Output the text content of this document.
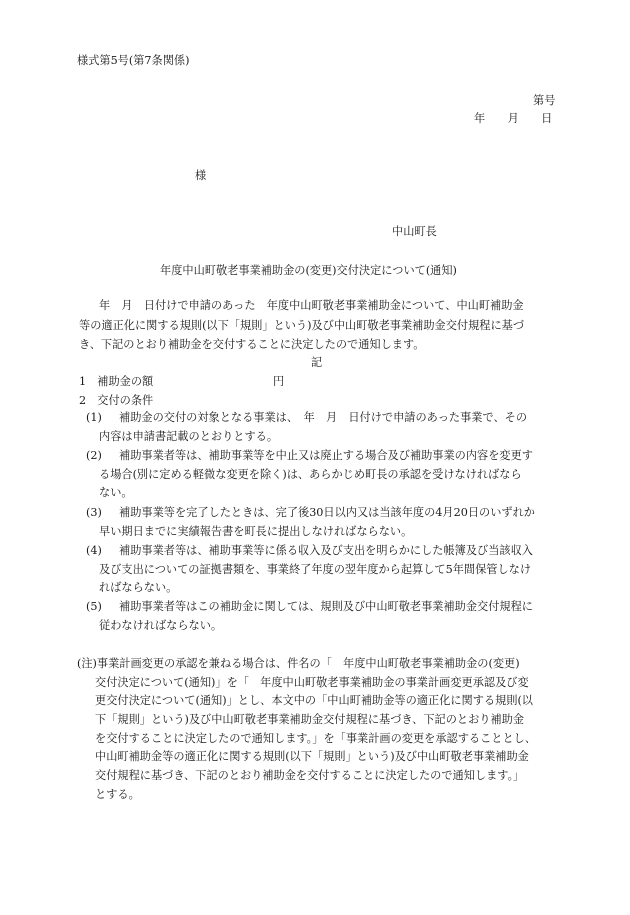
様式第5号(第7条関係)
第号
年　　月　　日
様
中山町長
年度中山町敬老事業補助金の(変更)交付決定について(通知)
年　月　日付けで申請のあった　年度中山町敬老事業補助金について、中山町補助金
等の適正化に関する規則(以下「規則」という)及び中山町敬老事業補助金交付規程に基づ
き、下記のとおり補助金を交付することに決定したので通知します。
記
1　補助金の額	円
2　交付の条件
(1) 補助金の交付の対象となる事業は、　年　月　日付けで申請のあった事業で、その
内容は申請書記載のとおりとする。
(2) 補助事業者等は、補助事業等を中止又は廃止する場合及び補助事業の内容を変更す
る場合(別に定める軽微な変更を除く)は、あらかじめ町長の承認を受けなければなら
ない。
(3) 補助事業等を完了したときは、完了後30日以内又は当該年度の4月20日のいずれか
早い期日までに実績報告書を町長に提出しなければならない。
(4) 補助事業者等は、補助事業等に係る収入及び支出を明らかにした帳簿及び当該収入
及び支出についての証拠書類を、事業終了年度の翌年度から起算して5年間保管しなけ
ればならない。
(5) 補助事業者等はこの補助金に関しては、規則及び中山町敬老事業補助金交付規程に
従わなければならない。
(注)事業計画変更の承認を兼ねる場合は、件名の「　年度中山町敬老事業補助金の(変更)
交付決定について(通知)」を「　年度中山町敬老事業補助金の事業計画変更承認及び変
更交付決定について(通知)」とし、本文中の「中山町補助金等の適正化に関する規則(以
下「規則」という)及び中山町敬老事業補助金交付規程に基づき、下記のとおり補助金
を交付することに決定したので通知します。」を「事業計画の変更を承認することとし、
中山町補助金等の適正化に関する規則(以下「規則」という)及び中山町敬老事業補助金
交付規程に基づき、下記のとおり補助金を交付することに決定したので通知します。」
とする。
